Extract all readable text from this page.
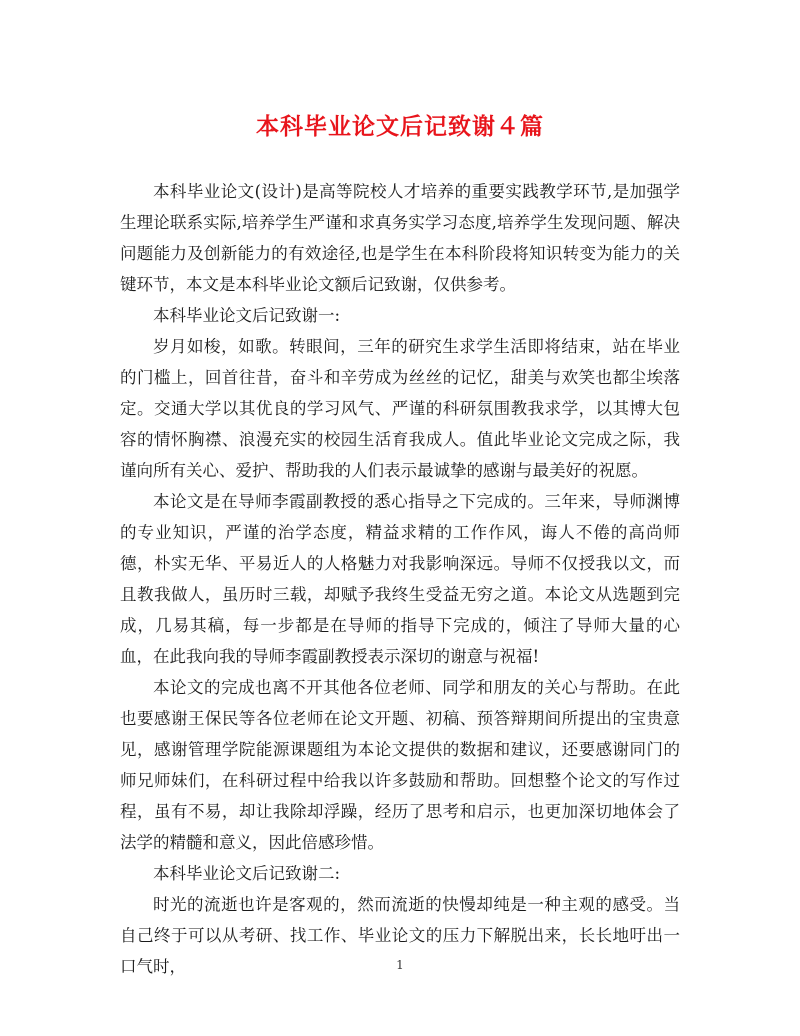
本科毕业论文后记致谢４篇

本科毕业论文(设计)是高等院校人才培养的重要实践教学环节,是加强学生理论联系实际,培养学生严谨和求真务实学习态度,培养学生发现问题、解决问题能力及创新能力的有效途径,也是学生在本科阶段将知识转变为能力的关键环节，本文是本科毕业论文额后记致谢，仅供参考。

本科毕业论文后记致谢一:

岁月如梭，如歌。转眼间，三年的研究生求学生活即将结束，站在毕业的门槛上，回首往昔，奋斗和辛劳成为丝丝的记忆，甜美与欢笑也都尘埃落定。交通大学以其优良的学习风气、严谨的科研氛围教我求学，以其博大包容的情怀胸襟、浪漫充实的校园生活育我成人。值此毕业论文完成之际，我谨向所有关心、爱护、帮助我的人们表示最诚挚的感谢与最美好的祝愿。

本论文是在导师李霞副教授的悉心指导之下完成的。三年来，导师渊博的专业知识，严谨的治学态度，精益求精的工作作风，诲人不倦的高尚师德，朴实无华、平易近人的人格魅力对我影响深远。导师不仅授我以文，而且教我做人，虽历时三载，却赋予我终生受益无穷之道。本论文从选题到完成，几易其稿，每一步都是在导师的指导下完成的，倾注了导师大量的心血，在此我向我的导师李霞副教授表示深切的谢意与祝福!

本论文的完成也离不开其他各位老师、同学和朋友的关心与帮助。在此也要感谢王保民等各位老师在论文开题、初稿、预答辩期间所提出的宝贵意见，感谢管理学院能源课题组为本论文提供的数据和建议，还要感谢同门的师兄师妹们，在科研过程中给我以许多鼓励和帮助。回想整个论文的写作过程，虽有不易，却让我除却浮躁，经历了思考和启示，也更加深切地体会了法学的精髓和意义，因此倍感珍惜。

本科毕业论文后记致谢二:

时光的流逝也许是客观的，然而流逝的快慢却纯是一种主观的感受。当自己终于可以从考研、找工作、毕业论文的压力下解脱出来，长长地吁出一口气时，	1
